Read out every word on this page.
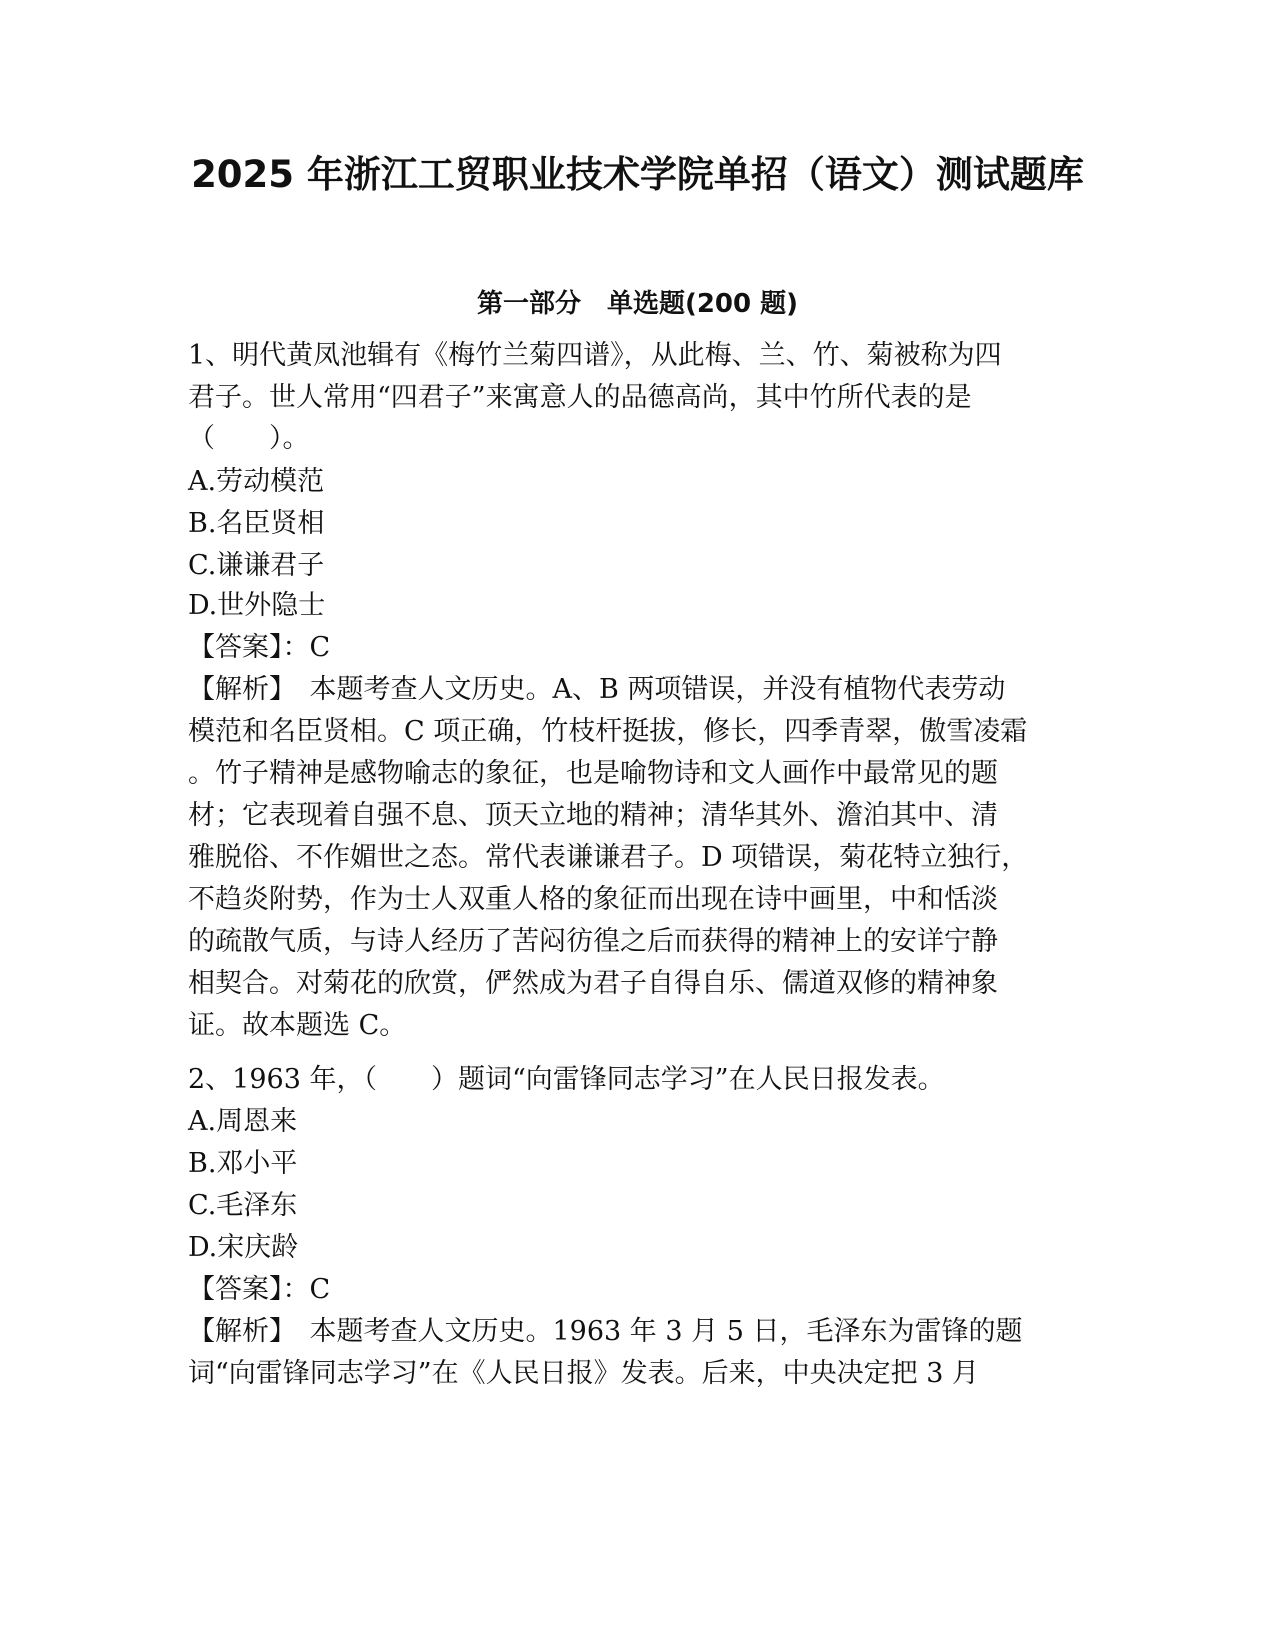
2025 年浙江工贸职业技术学院单招（语文）测试题库
第一部分　单选题(200 题)
1、明代黄凤池辑有《梅竹兰菊四谱》，从此梅、兰、竹、菊被称为四
君子。世人常用“四君子”来寓意人的品德高尚，其中竹所代表的是
（　　）。
A.劳动模范
B.名臣贤相
C.谦谦君子
D.世外隐士
【答案】：C
【解析】　本题考查人文历史。A、B 两项错误，并没有植物代表劳动
模范和名臣贤相。C 项正确，竹枝杆挺拔，修长，四季青翠，傲雪凌霜
。竹子精神是感物喻志的象征，也是喻物诗和文人画作中最常见的题
材；它表现着自强不息、顶天立地的精神；清华其外、澹泊其中、清
雅脱俗、不作媚世之态。常代表谦谦君子。D 项错误，菊花特立独行，
不趋炎附势，作为士人双重人格的象征而出现在诗中画里，中和恬淡
的疏散气质，与诗人经历了苦闷彷徨之后而获得的精神上的安详宁静
相契合。对菊花的欣赏，俨然成为君子自得自乐、儒道双修的精神象
证。故本题选 C。
2、1963 年，（　　）题词“向雷锋同志学习”在人民日报发表。
A.周恩来
B.邓小平
C.毛泽东
D.宋庆龄
【答案】：C
【解析】　本题考查人文历史。1963 年 3 月 5 日，毛泽东为雷锋的题
词“向雷锋同志学习”在《人民日报》发表。后来，中央决定把 3 月
